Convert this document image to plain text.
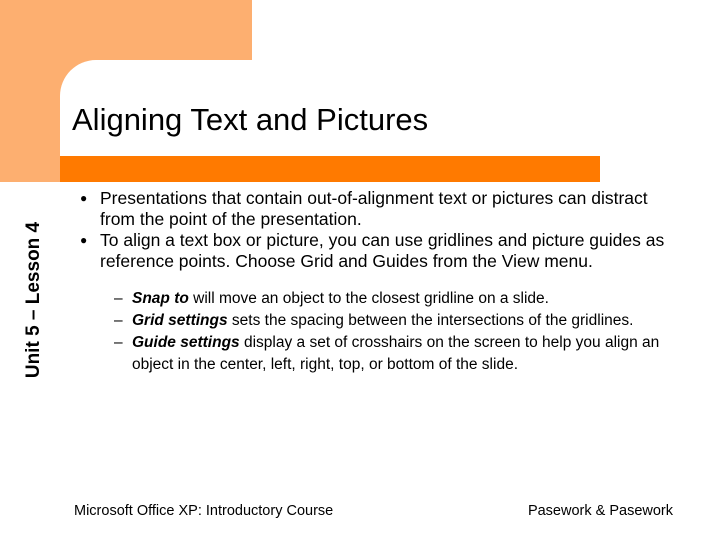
Unit 5 – Lesson 4
Aligning Text and Pictures
● Presentations that contain out-of-alignment text or pictures can distract from the point of the presentation.
● To align a text box or picture, you can use gridlines and picture guides as reference points. Choose Grid and Guides from the View menu.
– Snap to will move an object to the closest gridline on a slide.
– Grid settings sets the spacing between the intersections of the gridlines.
– Guide settings display a set of crosshairs on the screen to help you align an object in the center, left, right, top, or bottom of the slide.
Microsoft Office XP: Introductory Course	Pasework & Pasework
